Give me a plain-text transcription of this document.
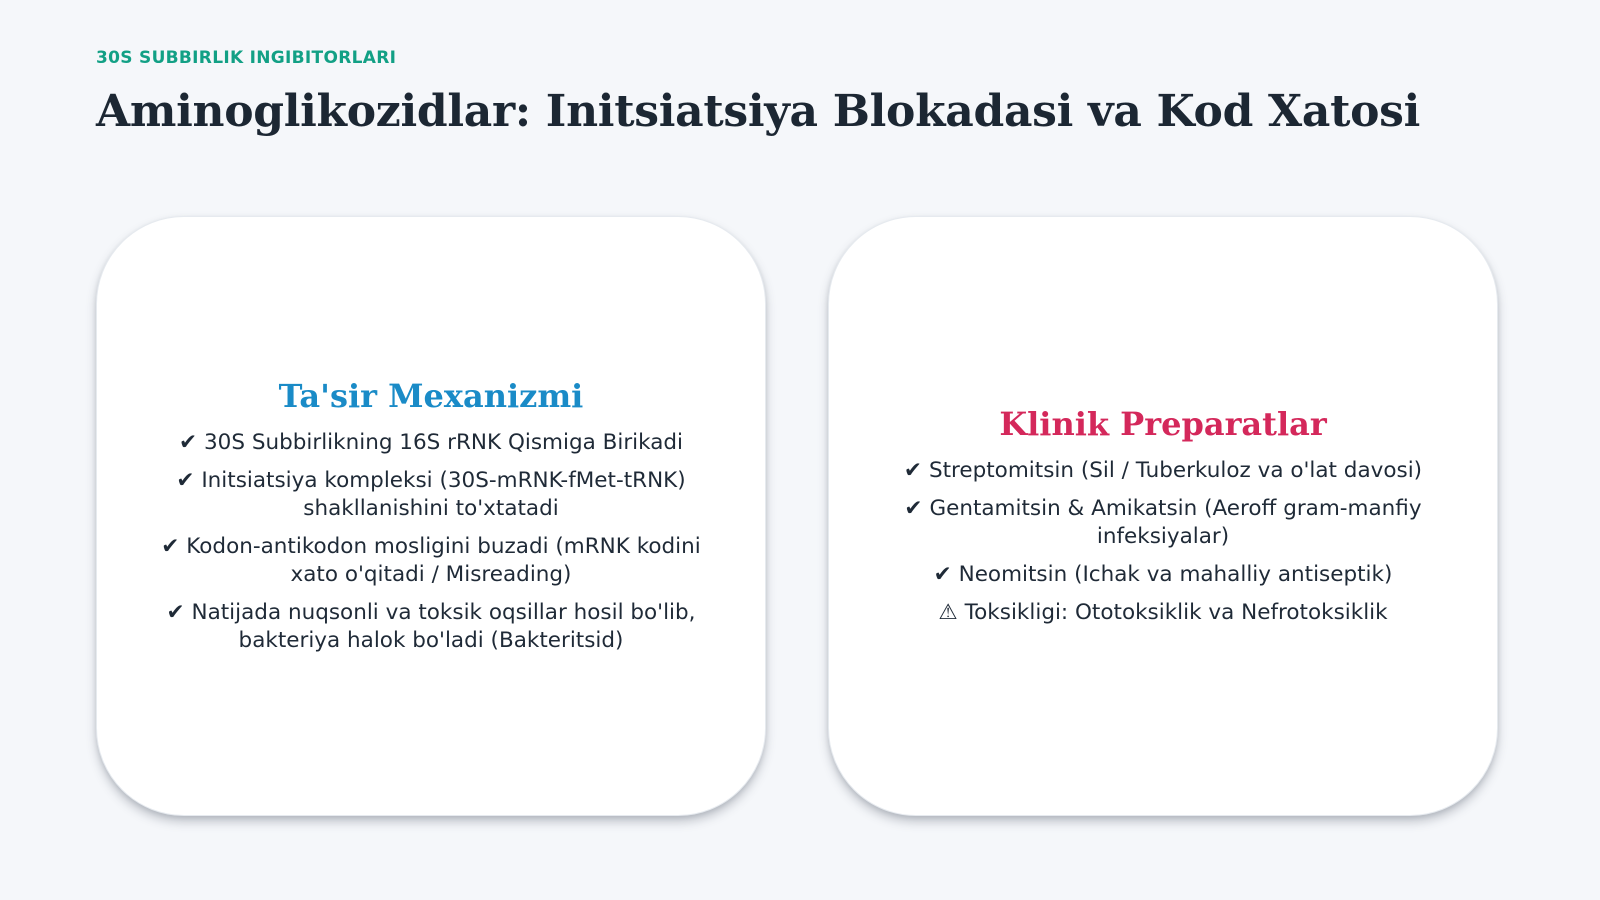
30S SUBBIRLIK INGIBITORLARI
Aminoglikozidlar: Initsiatsiya Blokadasi va Kod Xatosi
Ta'sir Mexanizmi
✔ 30S Subbirlikning 16S rRNK Qismiga Birikadi
✔ Initsiatsiya kompleksi (30S-mRNK-fMet-tRNK) shakllanishini to'xtatadi
✔ Kodon-antikodon mosligini buzadi (mRNK kodini xato o'qitadi / Misreading)
✔ Natijada nuqsonli va toksik oqsillar hosil bo'lib, bakteriya halok bo'ladi (Bakteritsid)
Klinik Preparatlar
✔ Streptomitsin (Sil / Tuberkuloz va o'lat davosi)
✔ Gentamitsin & Amikatsin (Aeroff gram-manfiy infeksiyalar)
✔ Neomitsin (Ichak va mahalliy antiseptik)
⚠ Toksikligi: Ototoksiklik va Nefrotoksiklik
